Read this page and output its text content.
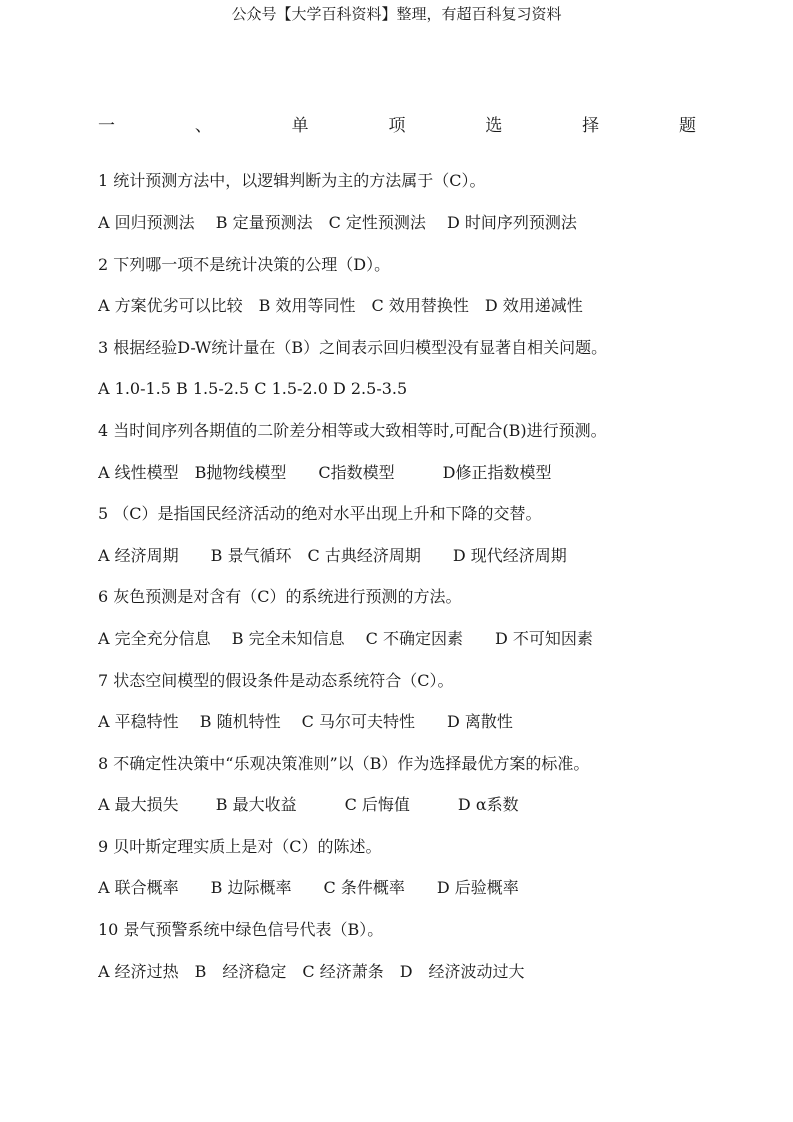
公众号【大学百科资料】整理，有超百科复习资料
一	、	单	项	选	择	题
1 统计预测方法中，以逻辑判断为主的方法属于（C）。
A 回归预测法　 B 定量预测法　C 定性预测法　 D 时间序列预测法
2 下列哪一项不是统计决策的公理（D）。
A 方案优劣可以比较　B 效用等同性　C 效用替换性　D 效用递减性
3 根据经验D-W统计量在（B）之间表示回归模型没有显著自相关问题。
A 1.0-1.5 B 1.5-2.5 C 1.5-2.0 D 2.5-3.5
4 当时间序列各期值的二阶差分相等或大致相等时,可配合(B)进行预测。
A 线性模型　B抛物线模型　　C指数模型　　　D修正指数模型
5 （C）是指国民经济活动的绝对水平出现上升和下降的交替。
A 经济周期　　B 景气循环　C 古典经济周期　　D 现代经济周期
6 灰色预测是对含有（C）的系统进行预测的方法。
A 完全充分信息　 B 完全未知信息　 C 不确定因素　　D 不可知因素
7 状态空间模型的假设条件是动态系统符合（C）。
A 平稳特性　 B 随机特性　 C 马尔可夫特性　　D 离散性
8 不确定性决策中“乐观决策准则”以（B）作为选择最优方案的标准。
A 最大损失　　 B 最大收益　　　C 后悔值　　　D α系数
9 贝叶斯定理实质上是对（C）的陈述。
A 联合概率　　B 边际概率　　C 条件概率　　D 后验概率
10 景气预警系统中绿色信号代表（B）。
A 经济过热　B　经济稳定　C 经济萧条　D　经济波动过大
